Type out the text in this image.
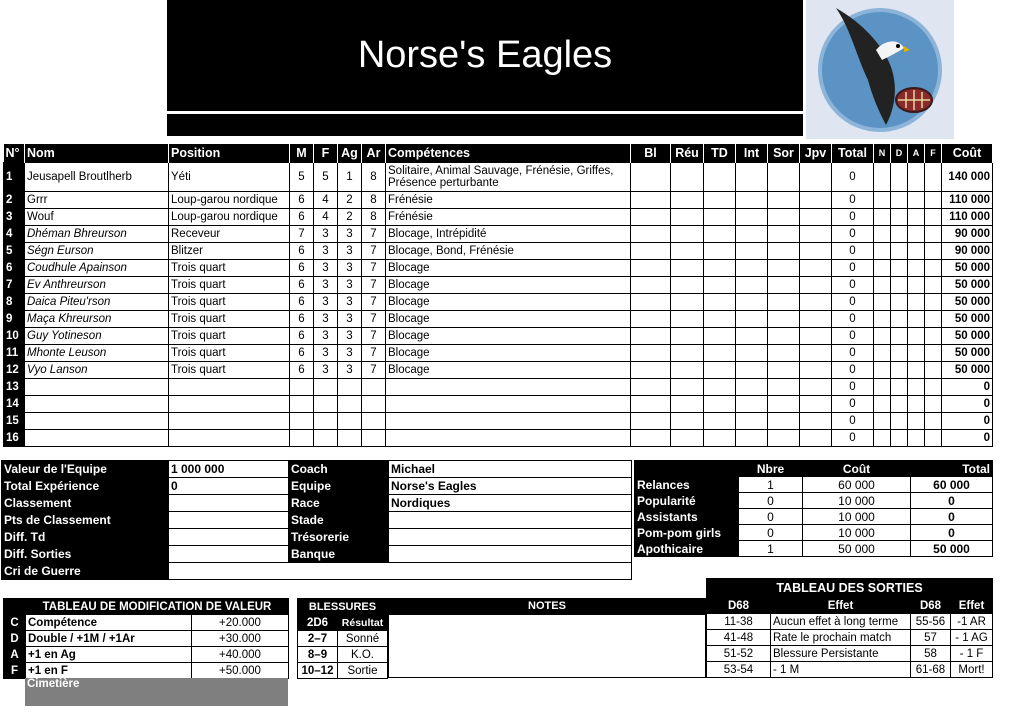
Norse's Eagles
N°	Nom	Position	M	F	Ag	Ar	Compétences	Bl	Réu	TD	Int	Sor	Jpv	Total	N	D	A	F	Coût
1	Jeusapell Broutlherb	Yéti	5	5	1	8	Solitaire, Animal Sauvage, Frénésie, Griffes, Présence perturbante							0					140 000
2	Grrr	Loup-garou nordique	6	4	2	8	Frénésie							0					110 000
3	Wouf	Loup-garou nordique	6	4	2	8	Frénésie							0					110 000
4	Dhéman Bhreurson	Receveur	7	3	3	7	Blocage, Intrépidité							0					90 000
5	Ségn Eurson	Blitzer	6	3	3	7	Blocage, Bond, Frénésie							0					90 000
6	Coudhule Apainson	Trois quart	6	3	3	7	Blocage							0					50 000
7	Ev Anthreurson	Trois quart	6	3	3	7	Blocage							0					50 000
8	Daica Piteu'rson	Trois quart	6	3	3	7	Blocage							0					50 000
9	Maça Khreurson	Trois quart	6	3	3	7	Blocage							0					50 000
10	Guy Yotineson	Trois quart	6	3	3	7	Blocage							0					50 000
11	Mhonte Leuson	Trois quart	6	3	3	7	Blocage							0					50 000
12	Vyo Lanson	Trois quart	6	3	3	7	Blocage							0					50 000
13														0					0
14														0					0
15														0					0
16														0					0
Valeur de l'Equipe	1 000 000	Coach	Michael
Total Expérience	0	Equipe	Norse's Eagles
Classement		Race	Nordiques
Pts de Classement		Stade	
Diff. Td		Trésorerie	
Diff. Sorties		Banque	
Cri de Guerre			
	Nbre	Coût	Total
Relances	1	60 000	60 000
Popularité	0	10 000	0
Assistants	0	10 000	0
Pom-pom girls	0	10 000	0
Apothicaire	1	50 000	50 000
	TABLEAU DE MODIFICATION DE VALEUR	
C	Compétence	+20.000
D	Double / +1M / +1Ar	+30.000
A	+1 en Ag	+40.000
F	+1 en F	+50.000
Cimetière
BLESSURES	
2D6	Résultat
2–7	Sonné
8–9	K.O.
10–12	Sortie
NOTES
TABLEAU DES SORTIES			
D68	Effet	D68	Effet
11-38	Aucun effet à long terme	55-56	-1 AR
41-48	Rate le prochain match	57	- 1 AG
51-52	Blessure Persistante	58	- 1 F
53-54	- 1 M	61-68	Mort!
